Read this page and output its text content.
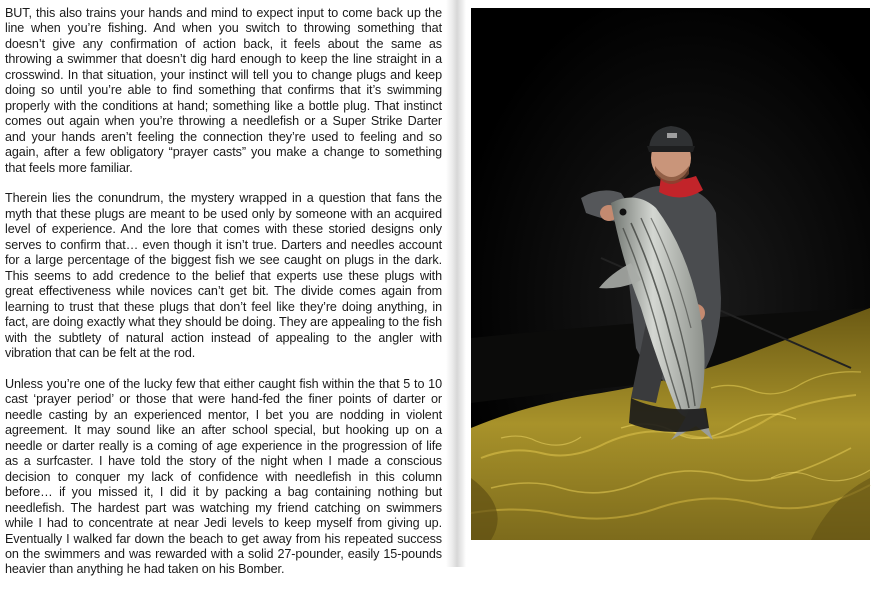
BUT, this also trains your hands and mind to expect input to come back up the line when you’re fishing. And when you switch to throwing something that doesn’t give any confirmation of action back, it feels about the same as throwing a swimmer that doesn’t dig hard enough to keep the line straight in a crosswind. In that situation, your instinct will tell you to change plugs and keep doing so until you’re able to find something that confirms that it’s swimming properly with the conditions at hand; something like a bottle plug. That instinct comes out again when you’re throwing a needlefish or a Super Strike Darter and your hands aren’t feeling the connection they’re used to feeling and so again, after a few obligatory “prayer casts” you make a change to something that feels more familiar.

Therein lies the conundrum, the mystery wrapped in a question that fans the myth that these plugs are meant to be used only by someone with an acquired level of experience. And the lore that comes with these storied designs only serves to confirm that… even though it isn’t true. Darters and needles account for a large percentage of the biggest fish we see caught on plugs in the dark. This seems to add credence to the belief that experts use these plugs with great effectiveness while novices can’t get bit. The divide comes again from learning to trust that these plugs that don’t feel like they’re doing anything, in fact, are doing exactly what they should be doing. They are appealing to the fish with the subtlety of natural action instead of appealing to the angler with vibration that can be felt at the rod.

Unless you’re one of the lucky few that either caught fish within the that 5 to 10 cast ‘prayer period’ or those that were hand-fed the finer points of darter or needle casting by an experienced mentor, I bet you are nodding in violent agreement. It may sound like an after school special, but hooking up on a needle or darter really is a coming of age experience in the progression of life as a surfcaster. I have told the story of the night when I made a conscious decision to conquer my lack of confidence with needlefish in this column before… if you missed it, I did it by packing a bag containing nothing but needlefish. The hardest part was watching my friend catching on swimmers while I had to concentrate at near Jedi levels to keep myself from giving up. Eventually I walked far down the beach to get away from his repeated success on the swimmers and was rewarded with a solid 27-pounder, easily 15-pounds heavier than anything he had taken on his Bomber.
